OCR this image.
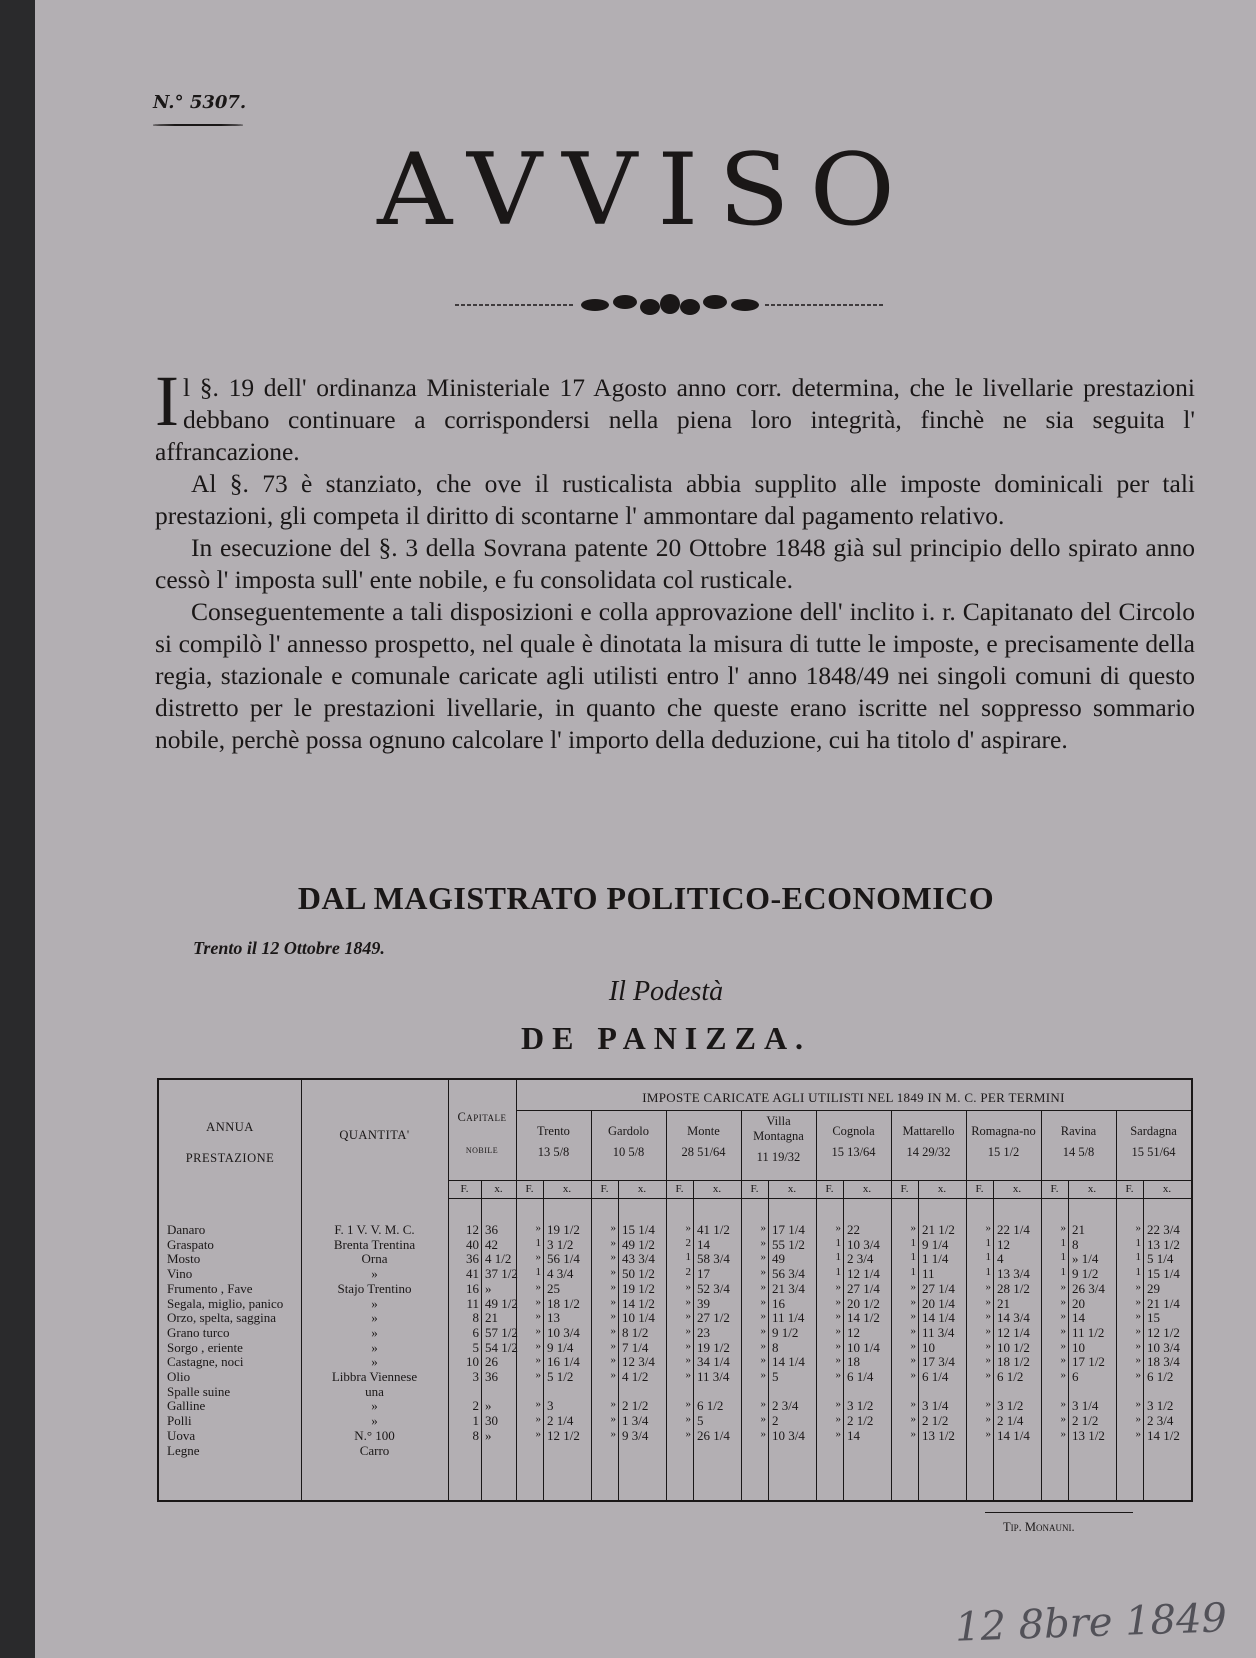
N.° 5307.
AVVISO

Il §. 19 dell' ordinanza Ministeriale 17 Agosto anno corr. determina, che le livellarie prestazioni debbano continuare a corrispondersi nella piena loro integrità, finchè ne sia seguita l' affrancazione.

Al §. 73 è stanziato, che ove il rusticalista abbia supplito alle imposte dominicali per tali prestazioni, gli competa il diritto di scontarne l' ammontare dal pagamento relativo.

In esecuzione del §. 3 della Sovrana patente 20 Ottobre 1848 già sul principio dello spirato anno cessò l' imposta sull' ente nobile, e fu consolidata col rusticale.

Conseguentemente a tali disposizioni e colla approvazione dell' inclito i. r. Capitanato del Circolo si compilò l' annesso prospetto, nel quale è dinotata la misura di tutte le imposte, e precisamente della regia, stazionale e comunale caricate agli utilisti entro l' anno 1848/49 nei singoli comuni di questo distretto per le prestazioni livellarie, in quanto che queste erano iscritte nel soppresso sommario nobile, perchè possa ognuno calcolare l' importo della deduzione, cui ha titolo d' aspirare.

DAL MAGISTRATO POLITICO-ECONOMICO
Trento il 12 Ottobre 1849.
Il Podestà
DE PANIZZA.
ANNUA
PRESTAZIONE
QUANTITA'
Capitale
nobile
IMPOSTE CARICATE AGLI UTILISTI NEL 1849 IN M. C. PER TERMINI
Trento
13 5/8
F.	x.
Gardolo
10 5/8
F.	x.
Monte
28 51/64
F.	x.
Villa Montagna
11 19/32
F.	x.
Cognola
15 13/64
F.	x.
Mattarello
14 29/32
F.	x.
Romagna-no
15 1/2
F.	x.
Ravina
14 5/8
F.	x.
Sardagna
15 51/64
F.	x.
F.	x.
Danaro	F. 1 V. V. M. C.	12 36	» 19 1/2	» 15 1/4	» 41 1/2	» 17 1/4	» 22	» 21 1/2	» 22 1/4	» 21	» 22 3/4
Graspato	Brenta Trentina	40 42	1 3 1/2	» 49 1/2	2 14	» 55 1/2	1 10 3/4	1 9 1/4	1 12	1 8	1 13 1/2
Mosto	Orna	36 4 1/2	» 56 1/4	» 43 3/4	1 58 3/4	» 49	1 2 3/4	1 1 1/4	1 4	1 » 1/4	1 5 1/4
Vino	»	41 37 1/2	1 4 3/4	» 50 1/2	2 17	» 56 3/4	1 12 1/4	1 11	1 13 3/4	1 9 1/2	1 15 1/4
Frumento , Fave	Stajo Trentino	16 »	» 25	» 19 1/2	» 52 3/4	» 21 3/4	» 27 1/4	» 27 1/4	» 28 1/2	» 26 3/4	» 29
Segala, miglio, panico	»	11 49 1/2	» 18 1/2	» 14 1/2	» 39	» 16	» 20 1/2	» 20 1/4	» 21	» 20	» 21 1/4
Orzo, spelta, saggina	»	8 21	» 13	» 10 1/4	» 27 1/2	» 11 1/4	» 14 1/2	» 14 1/4	» 14 3/4	» 14	» 15
Grano turco	»	6 57 1/2	» 10 3/4	» 8 1/2	» 23	» 9 1/2	» 12	» 11 3/4	» 12 1/4	» 11 1/2	» 12 1/2
Sorgo , eriente	»	5 54 1/2	» 9 1/4	» 7 1/4	» 19 1/2	» 8	» 10 1/4	» 10	» 10 1/2	» 10	» 10 3/4
Castagne, noci	»	10 26	» 16 1/4	» 12 3/4	» 34 1/4	» 14 1/4	» 18	» 17 3/4	» 18 1/2	» 17 1/2	» 18 3/4
Olio	Libbra Viennese	3 36	» 5 1/2	» 4 1/2	» 11 3/4	» 5	» 6 1/4	» 6 1/4	» 6 1/2	» 6	» 6 1/2
Spalle suine	una
Galline	»	2 »	» 3	» 2 1/2	» 6 1/2	» 2 3/4	» 3 1/2	» 3 1/4	» 3 1/2	» 3 1/4	» 3 1/2
Polli	»	1 30	» 2 1/4	» 1 3/4	» 5	» 2	» 2 1/2	» 2 1/2	» 2 1/4	» 2 1/2	» 2 3/4
Uova	N.° 100	8 »	» 12 1/2	» 9 3/4	» 26 1/4	» 10 3/4	» 14	» 13 1/2	» 14 1/4	» 13 1/2	» 14 1/2
Legne	Carro
Tip. Monauni.
12 8bre 1849
